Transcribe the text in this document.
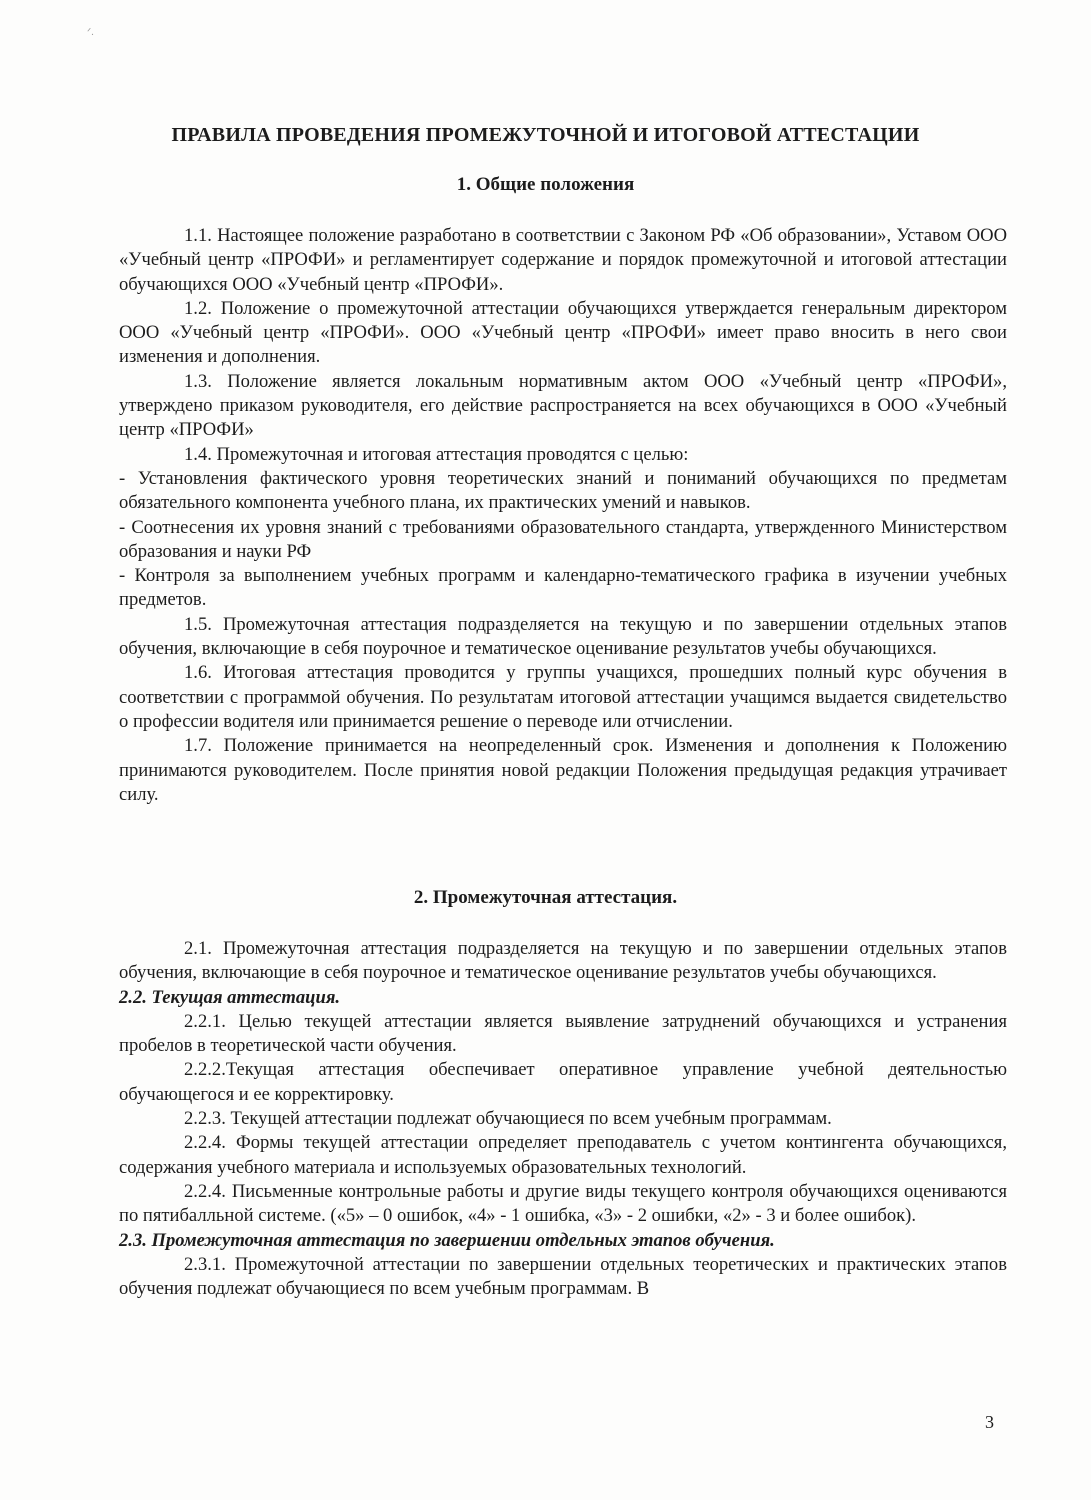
ᐟ.
ПРАВИЛА ПРОВЕДЕНИЯ ПРОМЕЖУТОЧНОЙ И ИТОГОВОЙ АТТЕСТАЦИИ
1. Общие положения

1.1. Настоящее положение разработано в соответствии с Законом РФ «Об образовании», Уставом ООО «Учебный центр «ПРОФИ» и регламентирует содержание и порядок промежуточной и итоговой аттестации обучающихся ООО «Учебный центр «ПРОФИ».

1.2. Положение о промежуточной аттестации обучающихся утверждается генеральным директором ООО «Учебный центр «ПРОФИ». ООО «Учебный центр «ПРОФИ» имеет право вносить в него свои изменения и дополнения.

1.3. Положение является локальным нормативным актом ООО «Учебный центр «ПРОФИ», утверждено приказом руководителя, его действие распространяется на всех обучающихся в ООО «Учебный центр «ПРОФИ»

1.4. Промежуточная и итоговая аттестация проводятся с целью:

- Установления фактического уровня теоретических знаний и пониманий обучающихся по предметам обязательного компонента учебного плана, их практических умений и навыков.

- Соотнесения их уровня знаний с требованиями образовательного стандарта, утвержденного Министерством образования и науки РФ

- Контроля за выполнением учебных программ и календарно-тематического графика в изучении учебных предметов.

1.5. Промежуточная аттестация подразделяется на текущую и по завершении отдельных этапов обучения, включающие в себя поурочное и тематическое оценивание результатов учебы обучающихся.

1.6. Итоговая аттестация проводится у группы учащихся, прошедших полный курс обучения в соответствии с программой обучения. По результатам итоговой аттестации учащимся выдается свидетельство о профессии водителя или принимается решение о переводе или отчислении.

1.7. Положение принимается на неопределенный срок. Изменения и дополнения к Положению принимаются руководителем. После принятия новой редакции Положения предыдущая редакция утрачивает силу.

2. Промежуточная аттестация.

2.1. Промежуточная аттестация подразделяется на текущую и по завершении отдельных этапов обучения, включающие в себя поурочное и тематическое оценивание результатов учебы обучающихся.

2.2. Текущая аттестация.

2.2.1. Целью текущей аттестации является выявление затруднений обучающихся и устранения пробелов в теоретической части обучения.

2.2.2.Текущая аттестация обеспечивает оперативное управление учебной деятельностью обучающегося и ее корректировку.

2.2.3. Текущей аттестации подлежат обучающиеся по всем учебным программам.

2.2.4. Формы текущей аттестации определяет преподаватель с учетом контингента обучающихся, содержания учебного материала и используемых образовательных технологий.

2.2.4. Письменные контрольные работы и другие виды текущего контроля обучающихся оцениваются по пятибалльной системе. («5» – 0 ошибок, «4» - 1 ошибка, «3» - 2 ошибки, «2» - 3 и более ошибок).

2.3. Промежуточная аттестация по завершении отдельных этапов обучения.

2.3.1. Промежуточной аттестации по завершении отдельных теоретических и практических этапов обучения подлежат обучающиеся по всем учебным программам. В

3
